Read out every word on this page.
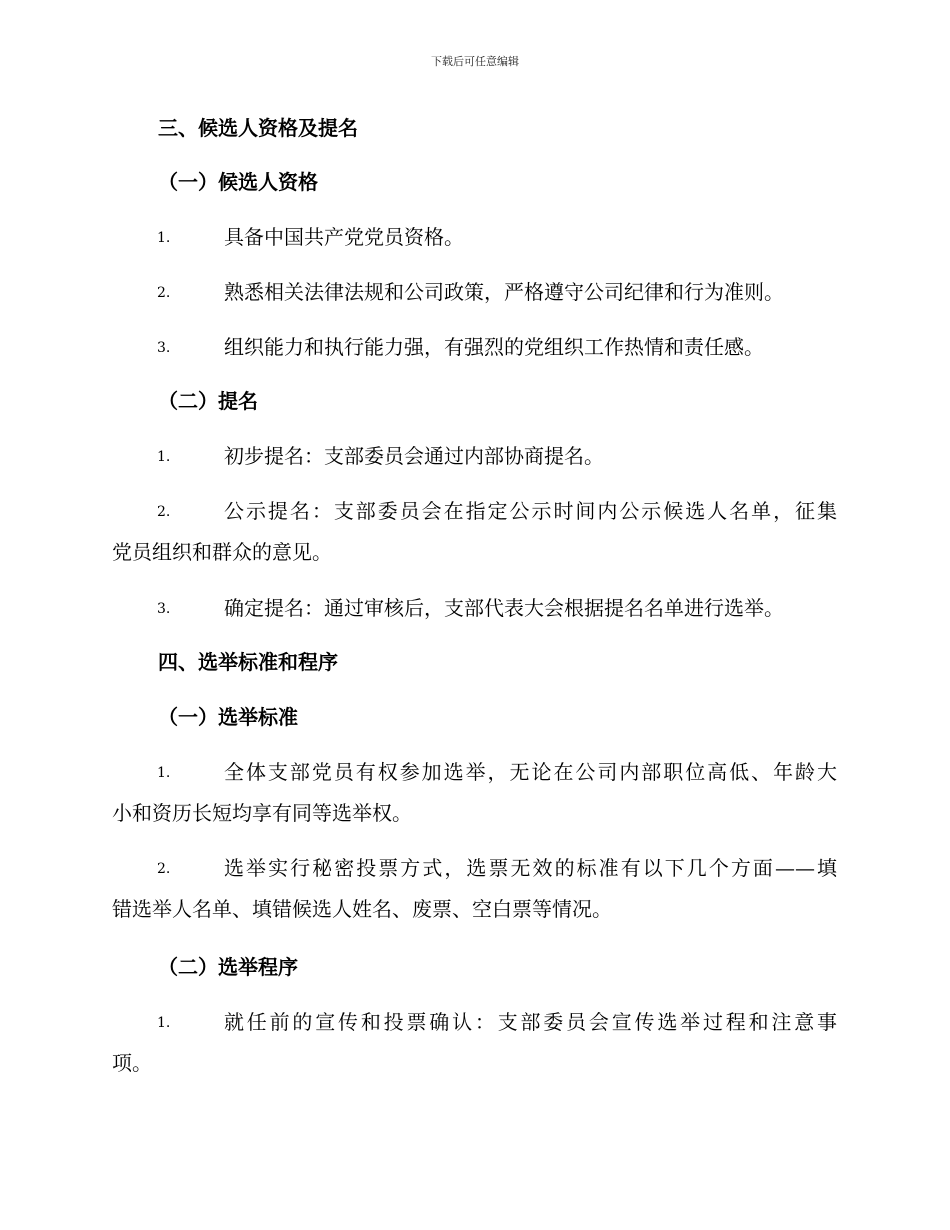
下载后可任意编辑
三、候选人资格及提名
（一）候选人资格
1.	具备中国共产党党员资格。
2.	熟悉相关法律法规和公司政策，严格遵守公司纪律和行为准则。
3.	组织能力和执行能力强，有强烈的党组织工作热情和责任感。
（二）提名
1.	初步提名：支部委员会通过内部协商提名。
2.	公示提名：支部委员会在指定公示时间内公示候选人名单，征集
党员组织和群众的意见。
3.	确定提名：通过审核后，支部代表大会根据提名名单进行选举。
四、选举标准和程序
（一）选举标准
1.	全体支部党员有权参加选举，无论在公司内部职位高低、年龄大
小和资历长短均享有同等选举权。
2.	选举实行秘密投票方式，选票无效的标准有以下几个方面——填
错选举人名单、填错候选人姓名、废票、空白票等情况。
（二）选举程序
1.	就任前的宣传和投票确认：支部委员会宣传选举过程和注意事
项。
